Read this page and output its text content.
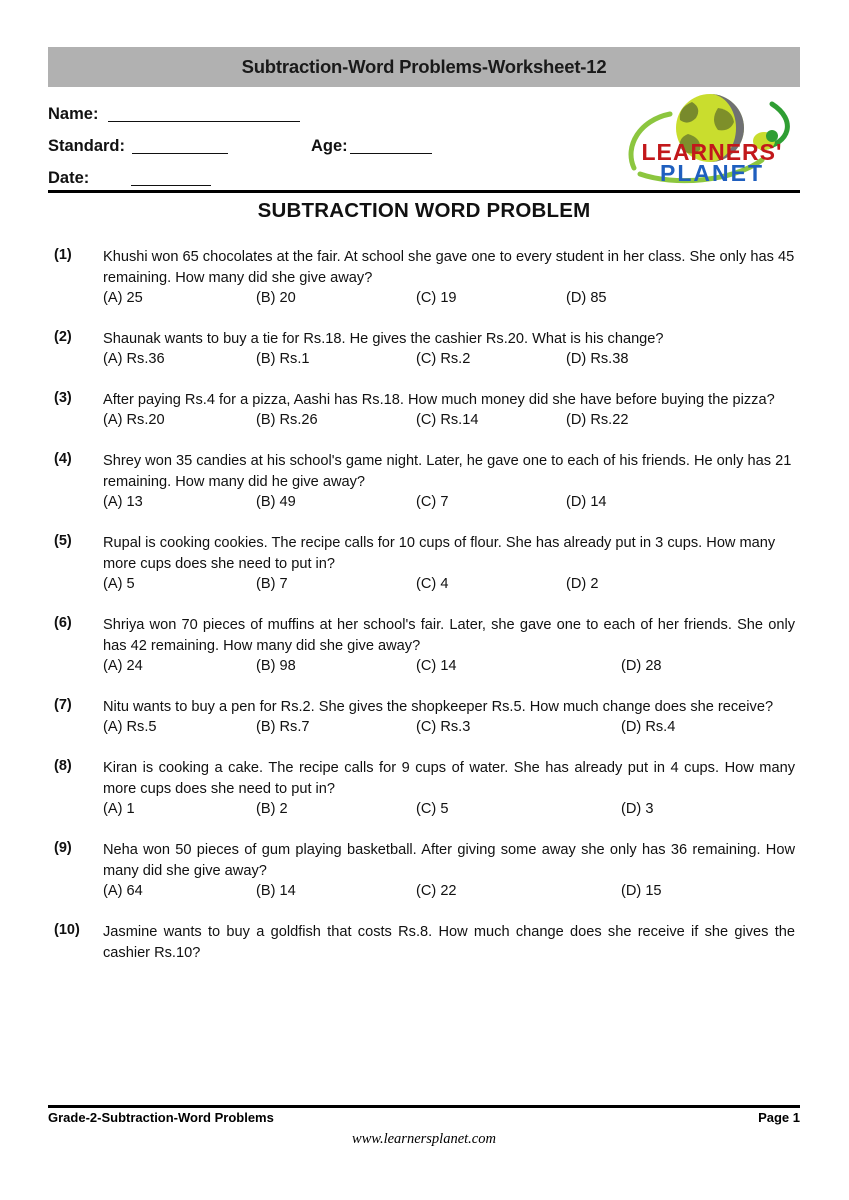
Subtraction-Word Problems-Worksheet-12
Name:
Standard:	Age:
Date:
LEARNERS'
PLANET
SUBTRACTION WORD PROBLEM
(1) Khushi won 65 chocolates at the fair. At school she gave one to every student in her class. She only has 45 remaining. How many did she give away?

(A) 25	(B) 20	(C) 19	(D) 85
(2) Shaunak wants to buy a tie for Rs.18. He gives the cashier Rs.20. What is his change?

(A) Rs.36	(B) Rs.1	(C) Rs.2	(D) Rs.38
(3) After paying Rs.4 for a pizza, Aashi has Rs.18. How much money did she have before buying the pizza?

(A) Rs.20	(B) Rs.26	(C) Rs.14	(D) Rs.22
(4) Shrey won 35 candies at his school's game night. Later, he gave one to each of his friends. He only has 21 remaining. How many did he give away?

(A) 13	(B) 49	(C) 7	(D) 14
(5) Rupal is cooking cookies. The recipe calls for 10 cups of flour. She has already put in 3 cups. How many more cups does she need to put in?

(A) 5	(B) 7	(C) 4	(D) 2
(6) Shriya won 70 pieces of muffins at her school's fair. Later, she gave one to each of her friends. She only has 42 remaining. How many did she give away?

(A) 24	(B) 98	(C) 14	(D) 28
(7) Nitu wants to buy a pen for Rs.2. She gives the shopkeeper Rs.5. How much change does she receive?

(A) Rs.5	(B) Rs.7	(C) Rs.3	(D) Rs.4
(8) Kiran is cooking a cake. The recipe calls for 9 cups of water. She has already put in 4 cups. How many more cups does she need to put in?

(A) 1	(B) 2	(C) 5	(D) 3
(9) Neha won 50 pieces of gum playing basketball. After giving some away she only has 36 remaining. How many did she give away?

(A) 64	(B) 14	(C) 22	(D) 15
(10) Jasmine wants to buy a goldfish that costs Rs.8. How much change does she receive if she gives the cashier Rs.10?

Grade-2-Subtraction-Word Problems	Page 1
www.learnersplanet.com
